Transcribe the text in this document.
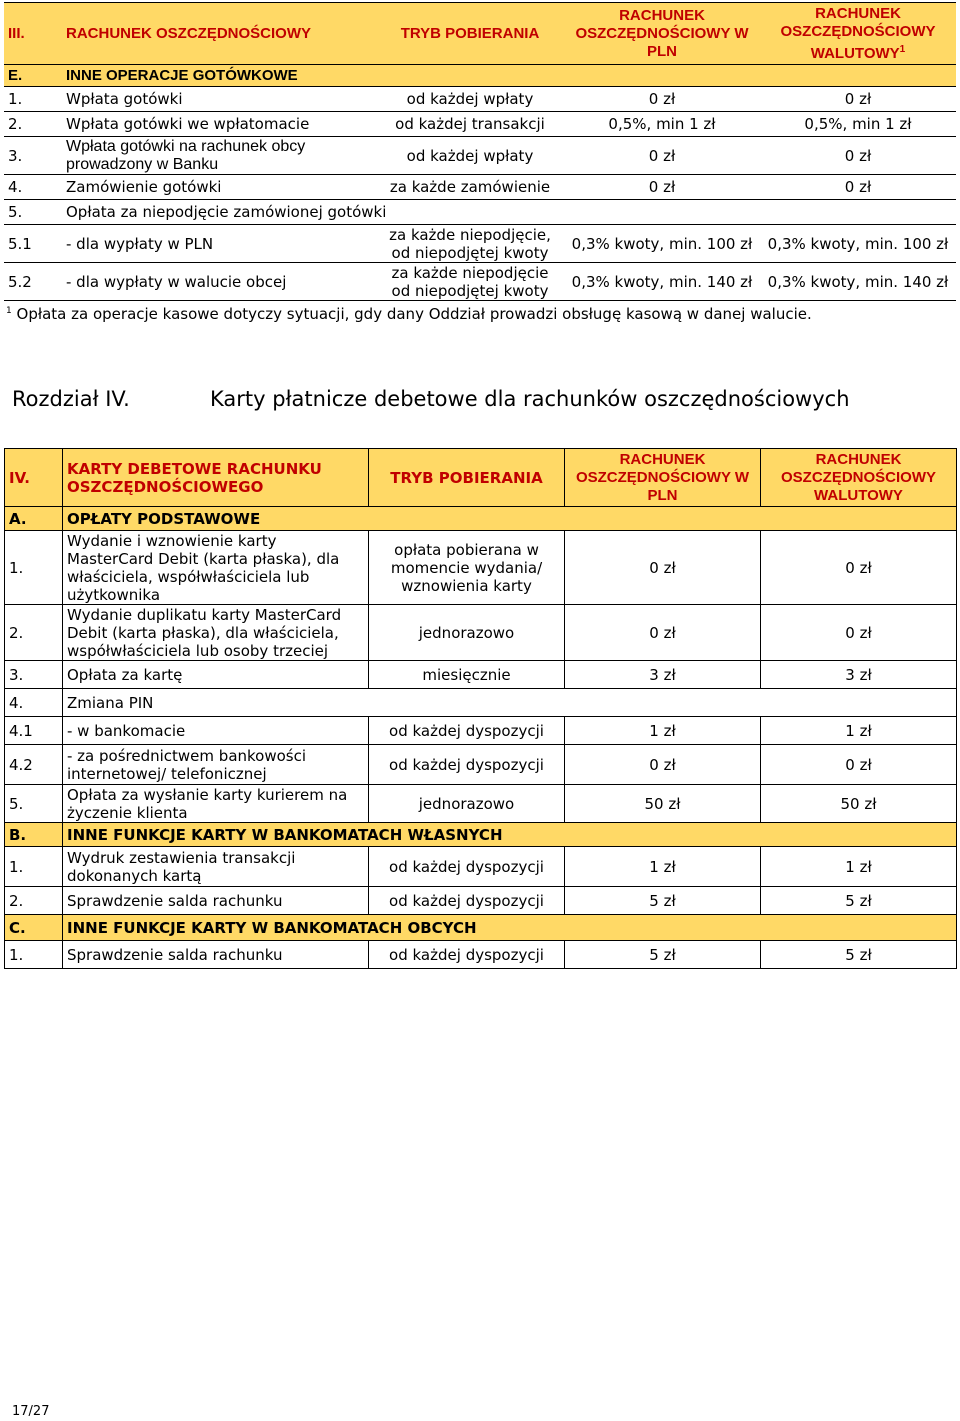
III.	RACHUNEK OSZCZĘDNOŚCIOWY	TRYB POBIERANIA	RACHUNEK OSZCZĘDNOŚCIOWY W PLN	RACHUNEK OSZCZĘDNOŚCIOWY WALUTOWY$^1$
E.	INNE OPERACJE GOTÓWKOWE			
1.	Wpłata gotówki	od każdej wpłaty	0 zł	0 zł
2.	Wpłata gotówki we wpłatomacie	od każdej transakcji	0,5%, min 1 zł	0,5%, min 1 zł
3.	Wpłata gotówki na rachunek obcy prowadzony w Banku	od każdej wpłaty	0 zł	0 zł
4.	Zamówienie gotówki	za każde zamówienie	0 zł	0 zł
5.	Opłata za niepodjęcie zamówionej gotówki			
5.1	- dla wypłaty w PLN	za każde niepodjęcie, od niepodjętej kwoty	0,3% kwoty, min. 100 zł	0,3% kwoty, min. 100 zł
5.2	- dla wypłaty w walucie obcej	za każde niepodjęcie od niepodjętej kwoty	0,3% kwoty, min. 140 zł	0,3% kwoty, min. 140 zł
$^1$ Opłata za operacje kasowe dotyczy sytuacji, gdy dany Oddział prowadzi obsługę kasową w danej walucie.
Rozdział IV.	Karty płatnicze debetowe dla rachunków oszczędnościowych
IV.	KARTY DEBETOWE RACHUNKU OSZCZĘDNOŚCIOWEGO	TRYB POBIERANIA	RACHUNEK OSZCZĘDNOŚCIOWY W PLN	RACHUNEK OSZCZĘDNOŚCIOWY WALUTOWY
A.	OPŁATY PODSTAWOWE			
1.	Wydanie i wznowienie karty MasterCard Debit (karta płaska), dla właściciela, współwłaściciela lub użytkownika	opłata pobierana w momencie wydania/ wznowienia karty	0 zł	0 zł
2.	Wydanie duplikatu karty MasterCard Debit (karta płaska), dla właściciela, współwłaściciela lub osoby trzeciej	jednorazowo	0 zł	0 zł
3.	Opłata za kartę	miesięcznie	3 zł	3 zł
4.	Zmiana PIN			
4.1	- w bankomacie	od każdej dyspozycji	1 zł	1 zł
4.2	- za pośrednictwem bankowości internetowej/ telefonicznej	od każdej dyspozycji	0 zł	0 zł
5.	Opłata za wysłanie karty kurierem na życzenie klienta	jednorazowo	50 zł	50 zł
B.	INNE FUNKCJE KARTY W BANKOMATACH WŁASNYCH			
1.	Wydruk zestawienia transakcji dokonanych kartą	od każdej dyspozycji	1 zł	1 zł
2.	Sprawdzenie salda rachunku	od każdej dyspozycji	5 zł	5 zł
C.	INNE FUNKCJE KARTY W BANKOMATACH OBCYCH			
1.	Sprawdzenie salda rachunku	od każdej dyspozycji	5 zł	5 zł
17/27
